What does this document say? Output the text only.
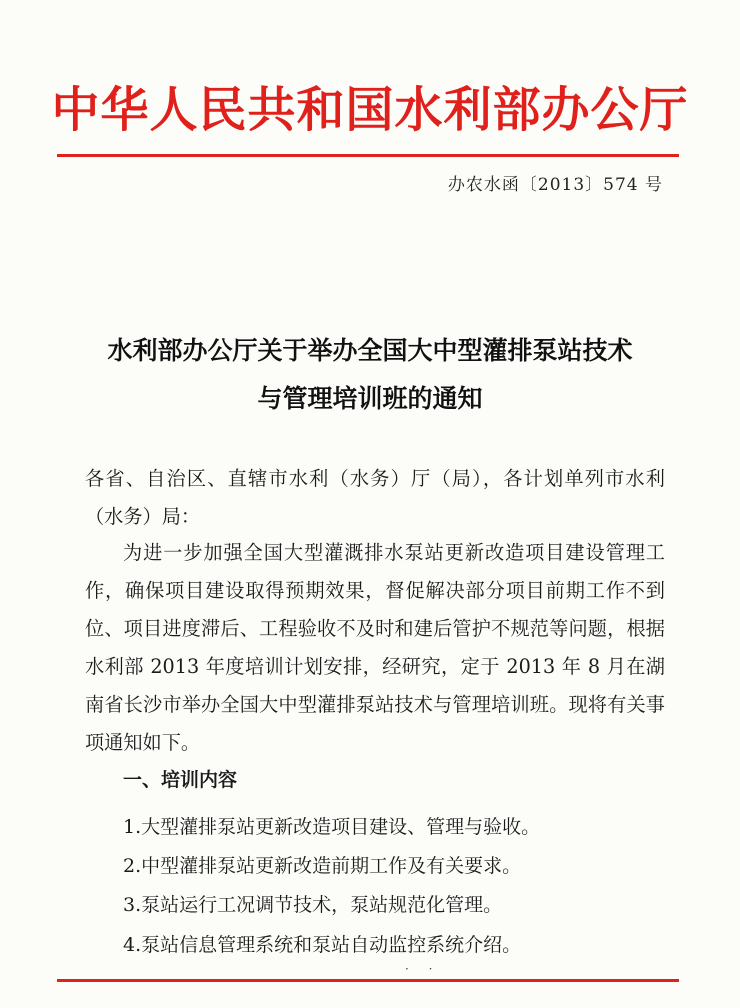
中华人民共和国水利部办公厅
办农水函〔2013〕574 号
水利部办公厅关于举办全国大中型灌排泵站技术
与管理培训班的通知
各省、自治区、直辖市水利（水务）厅（局），各计划单列市水利（水务）局：
为进一步加强全国大型灌溉排水泵站更新改造项目建设管理工作，确保项目建设取得预期效果，督促解决部分项目前期工作不到位、项目进度滞后、工程验收不及时和建后管护不规范等问题，根据水利部 2013 年度培训计划安排，经研究，定于 2013 年 8 月在湖南省长沙市举办全国大中型灌排泵站技术与管理培训班。现将有关事项通知如下。
一、培训内容
1.大型灌排泵站更新改造项目建设、管理与验收。
2.中型灌排泵站更新改造前期工作及有关要求。
3.泵站运行工况调节技术，泵站规范化管理。
4.泵站信息管理系统和泵站自动监控系统介绍。
· ·
